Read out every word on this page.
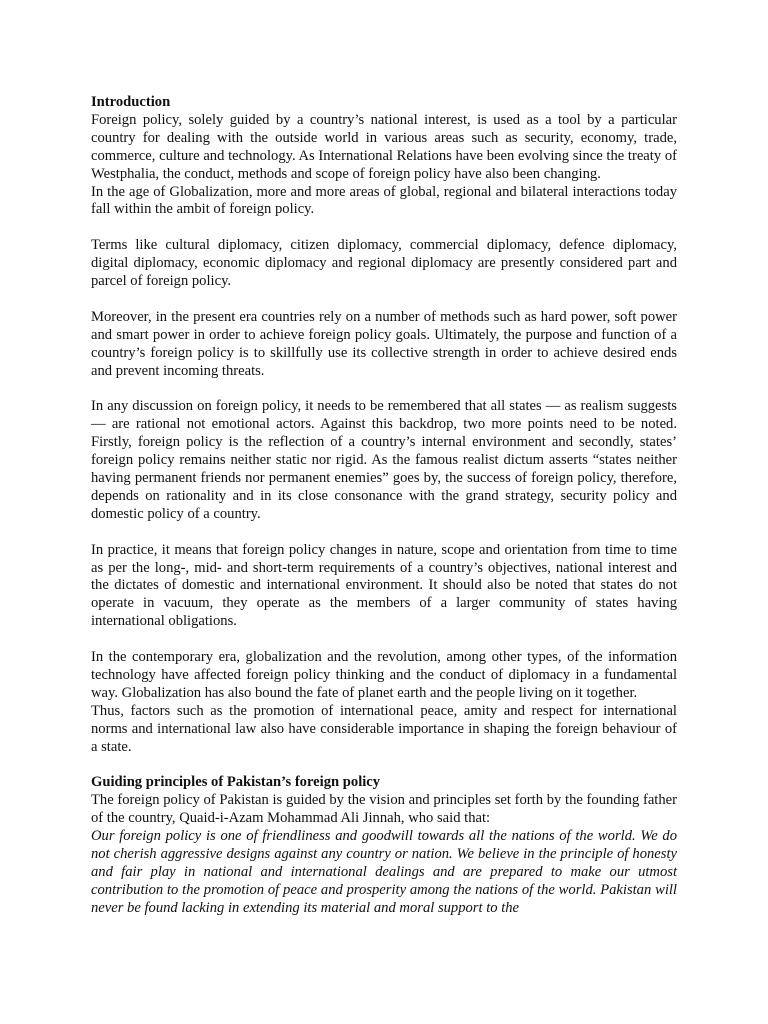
Introduction

Foreign policy, solely guided by a country’s national interest, is used as a tool by a particular country for dealing with the outside world in various areas such as security, economy, trade, commerce, culture and technology. As International Relations have been evolving since the treaty of Westphalia, the conduct, methods and scope of foreign policy have also been changing.

In the age of Globalization, more and more areas of global, regional and bilateral interactions today fall within the ambit of foreign policy.

Terms like cultural diplomacy, citizen diplomacy, commercial diplomacy, defence diplomacy, digital diplomacy, economic diplomacy and regional diplomacy are presently considered part and parcel of foreign policy.

Moreover, in the present era countries rely on a number of methods such as hard power, soft power and smart power in order to achieve foreign policy goals. Ultimately, the purpose and function of a country’s foreign policy is to skillfully use its collective strength in order to achieve desired ends and prevent incoming threats.

In any discussion on foreign policy, it needs to be remembered that all states — as realism suggests — are rational not emotional actors. Against this backdrop, two more points need to be noted. Firstly, foreign policy is the reflection of a country’s internal environment and secondly, states’ foreign policy remains neither static nor rigid. As the famous realist dictum asserts “states neither having permanent friends nor permanent enemies” goes by, the success of foreign policy, therefore, depends on rationality and in its close consonance with the grand strategy, security policy and domestic policy of a country.

In practice, it means that foreign policy changes in nature, scope and orientation from time to time as per the long-, mid- and short-term requirements of a country’s objectives, national interest and the dictates of domestic and international environment. It should also be noted that states do not operate in vacuum, they operate as the members of a larger community of states having international obligations.

In the contemporary era, globalization and the revolution, among other types, of the information technology have affected foreign policy thinking and the conduct of diplomacy in a fundamental way. Globalization has also bound the fate of planet earth and the people living on it together.

Thus, factors such as the promotion of international peace, amity and respect for international norms and international law also have considerable importance in shaping the foreign behaviour of a state.

Guiding principles of Pakistan’s foreign policy

The foreign policy of Pakistan is guided by the vision and principles set forth by the founding father of the country, Quaid-i-Azam Mohammad Ali Jinnah, who said that:

Our foreign policy is one of friendliness and goodwill towards all the nations of the world. We do not cherish aggressive designs against any country or nation. We believe in the principle of honesty and fair play in national and international dealings and are prepared to make our utmost contribution to the promotion of peace and prosperity among the nations of the world. Pakistan will never be found lacking in extending its material and moral support to the
